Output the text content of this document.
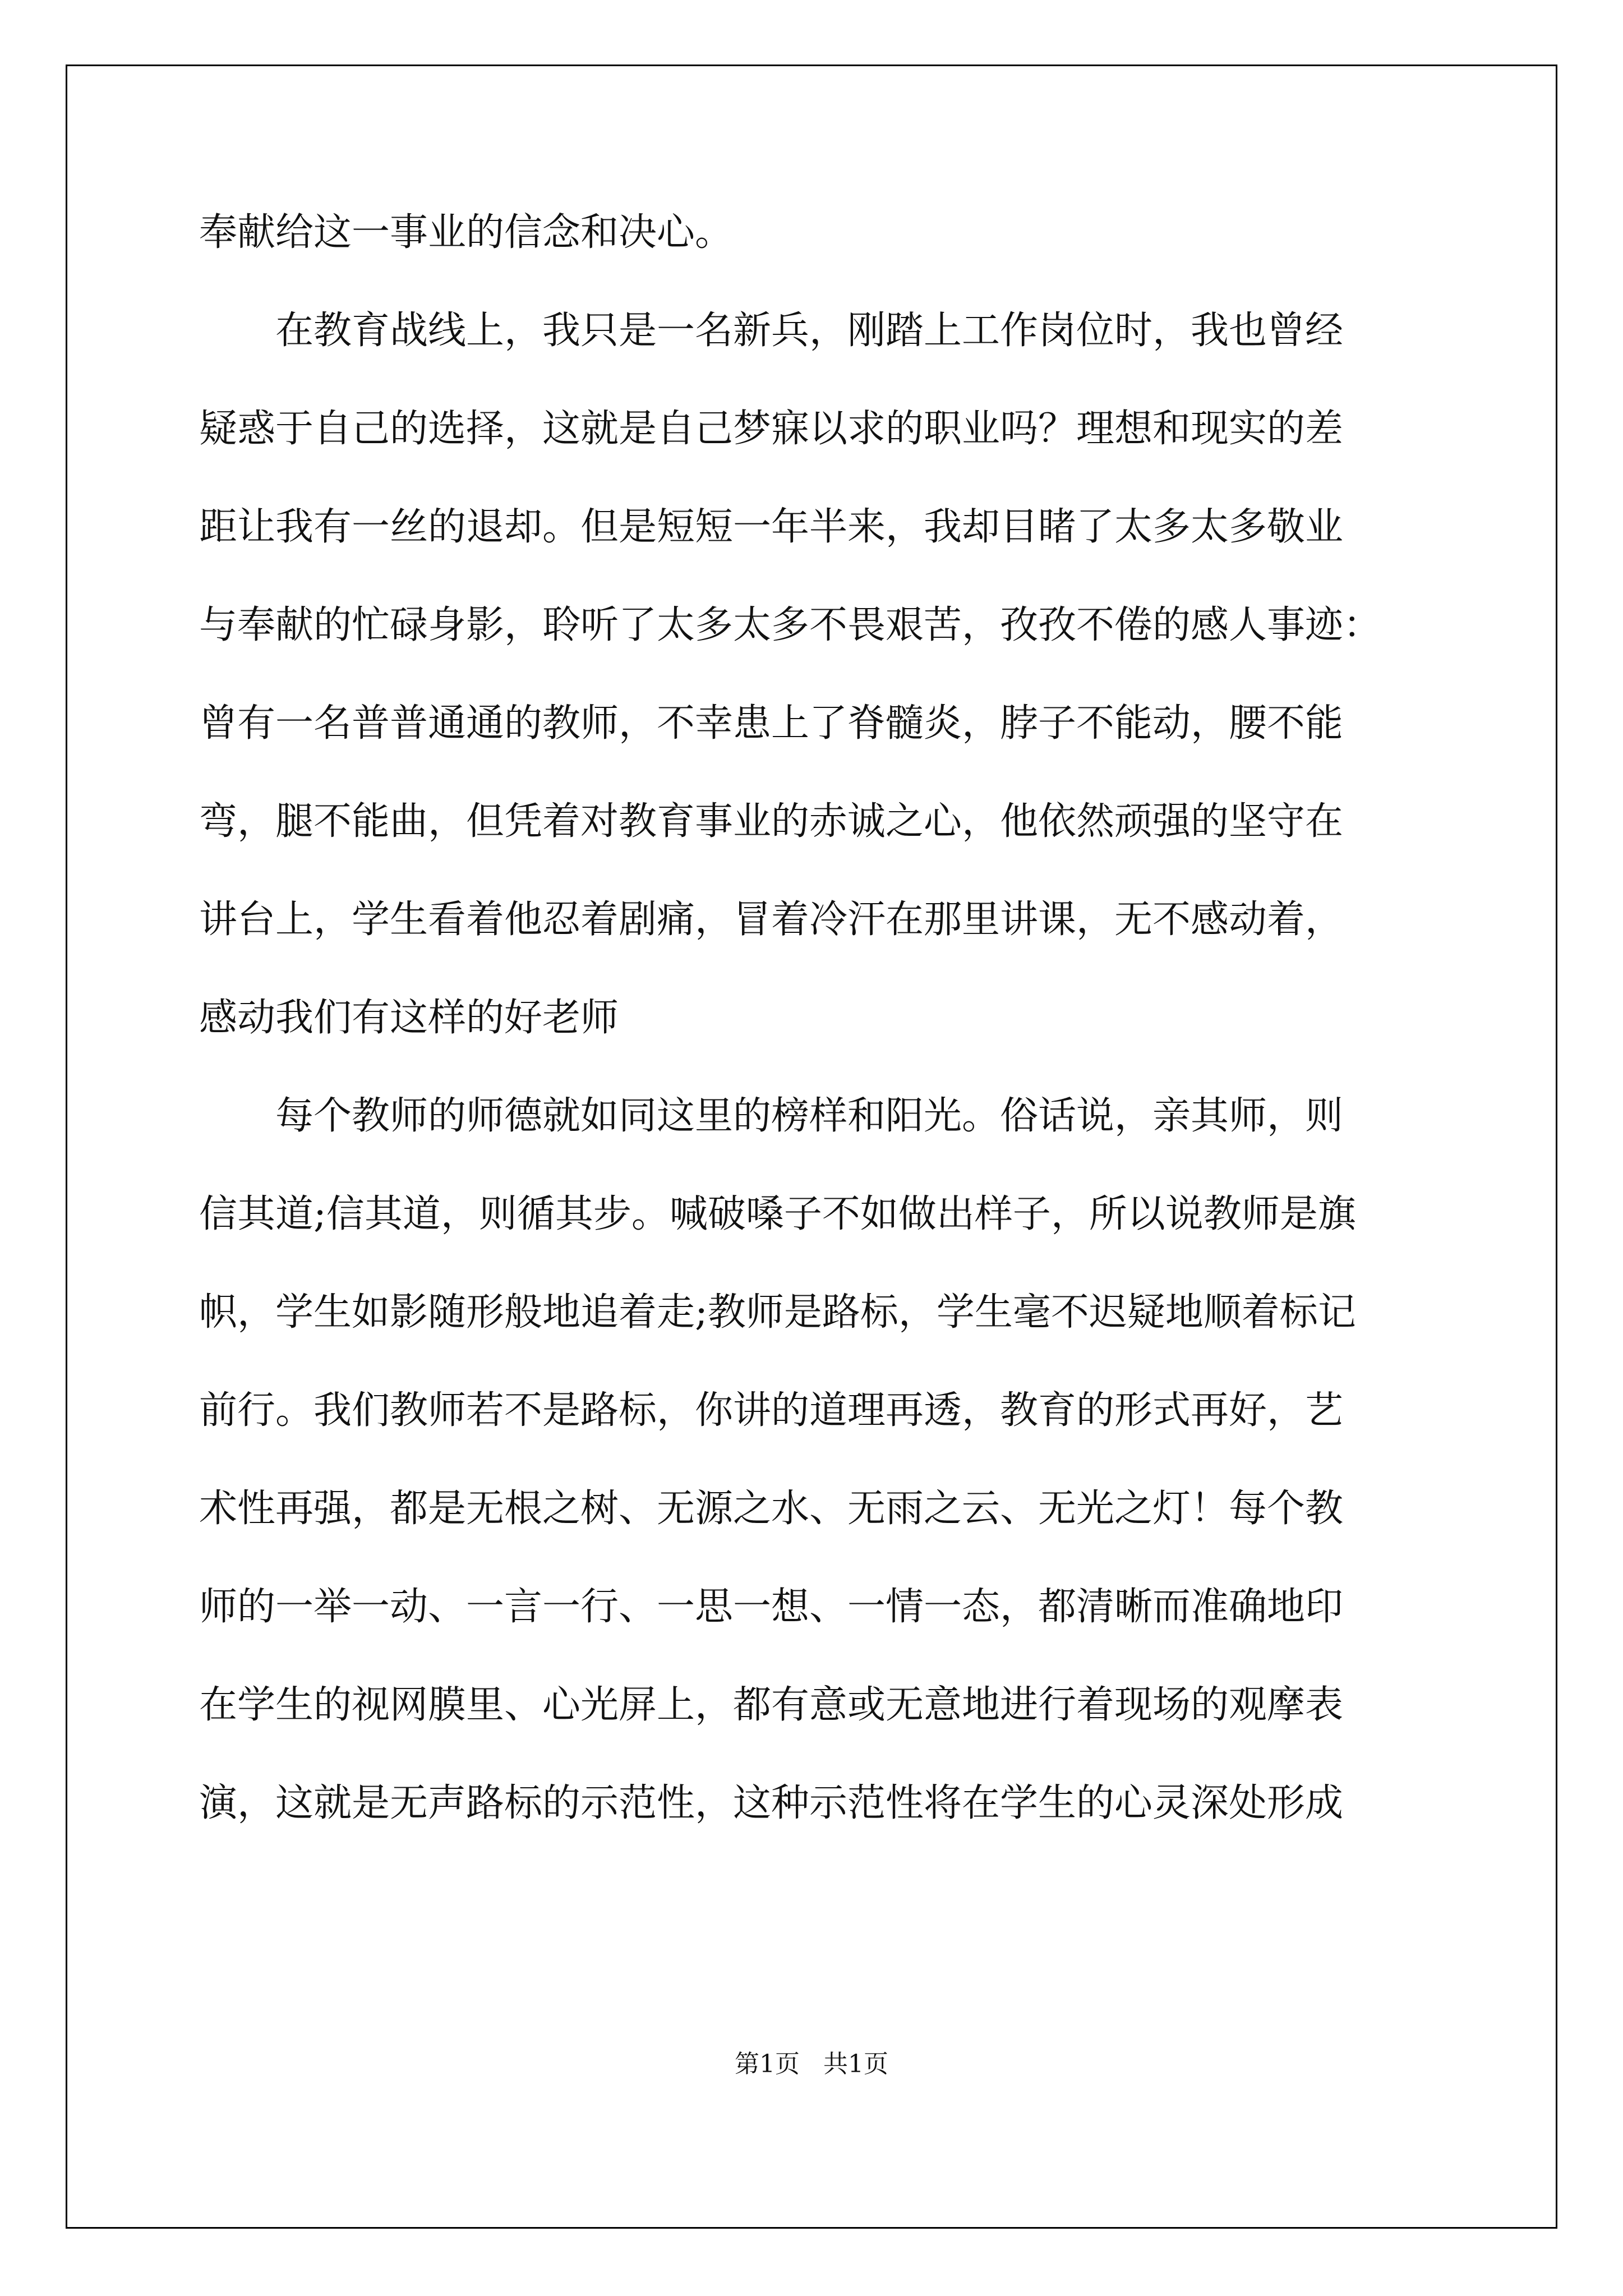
奉献给这一事业的信念和决心。
在教育战线上，我只是一名新兵，刚踏上工作岗位时，我也曾经
疑惑于自己的选择，这就是自己梦寐以求的职业吗？理想和现实的差
距让我有一丝的退却。但是短短一年半来，我却目睹了太多太多敬业
与奉献的忙碌身影，聆听了太多太多不畏艰苦，孜孜不倦的感人事迹：
曾有一名普普通通的教师，不幸患上了脊髓炎，脖子不能动，腰不能
弯，腿不能曲，但凭着对教育事业的赤诚之心，他依然顽强的坚守在
讲台上，学生看着他忍着剧痛，冒着冷汗在那里讲课，无不感动着，
感动我们有这样的好老师
每个教师的师德就如同这里的榜样和阳光。俗话说，亲其师，则
信其道;信其道，则循其步。喊破嗓子不如做出样子，所以说教师是旗
帜，学生如影随形般地追着走;教师是路标，学生毫不迟疑地顺着标记
前行。我们教师若不是路标，你讲的道理再透，教育的形式再好，艺
术性再强，都是无根之树、无源之水、无雨之云、无光之灯！每个教
师的一举一动、一言一行、一思一想、一情一态，都清晰而准确地印
在学生的视网膜里、心光屏上，都有意或无意地进行着现场的观摩表
演，这就是无声路标的示范性，这种示范性将在学生的心灵深处形成
第1页   共1页
